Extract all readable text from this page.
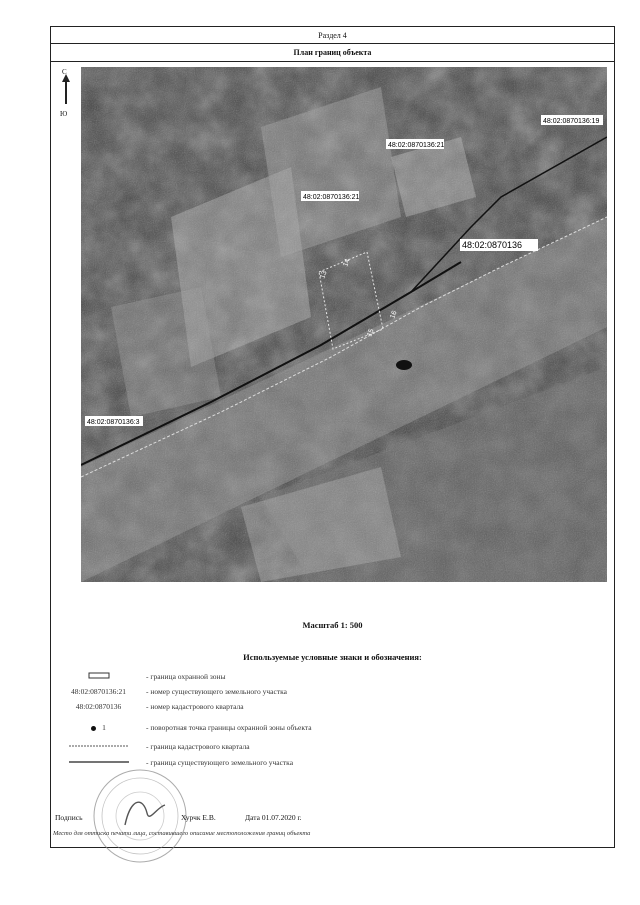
Раздел 4
План границ объекта
С
Ю
48:02:0870136:21
48:02:0870136:21
48:02:0870136:19
48:02:0870136
48:02:0870136:3
13
14
16
15
Масштаб 1: 500
Используемые условные знаки и обозначения:
- граница охранной зоны
48:02:0870136:21	- номер существующего земельного участка
48:02:0870136	- номер кадастрового квартала
1	- поворотная точка границы охранной зоны объекта
- граница кадастрового квартала
- граница существующего земельного участка
Подпись	Хурчк Е.В.	Дата 01.07.2020 г.
Место для оттиска печати лица, составившего описание местоположения границ объекта
